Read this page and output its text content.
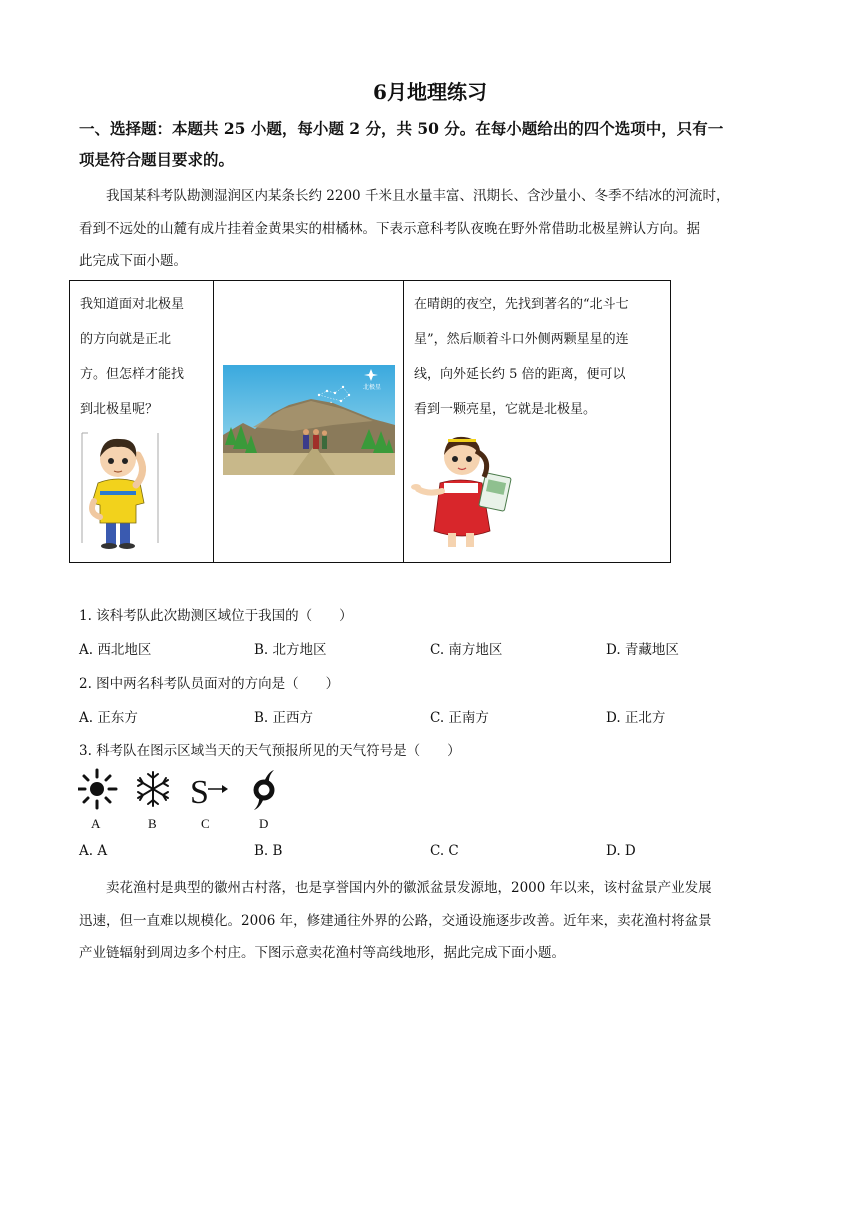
6月地理练习
一、选择题：本题共 25 小题，每小题 2 分，共 50 分。在每小题给出的四个选项中，只有一
项是符合题目要求的。
我国某科考队勘测湿润区内某条长约 2200 千米且水量丰富、汛期长、含沙量小、冬季不结冰的河流时，
看到不远处的山麓有成片挂着金黄果实的柑橘林。下表示意科考队夜晚在野外常借助北极星辨认方向。据
此完成下面小题。
我知道面对北极星
的方向就是正北
方。但怎样才能找
到北极星呢？

北极星

在晴朗的夜空，先找到著名的“北斗七
星”，然后顺着斗口外侧两颗星星的连
线，向外延长约 5 倍的距离，便可以
看到一颗亮星，它就是北极星。
1. 该科考队此次勘测区域位于我国的（　　）
A. 西北地区	B. 北方地区	C. 南方地区	D. 青藏地区
2. 图中两名科考队员面对的方向是（　　）
A. 正东方	B. 正西方	C. 正南方	D. 正北方
3. 科考队在图示区域当天的天气预报所见的天气符号是（　　）
S
A	B	C	D
A. A	B. B	C. C	D. D
卖花渔村是典型的徽州古村落，也是享誉国内外的徽派盆景发源地，2000 年以来，该村盆景产业发展
迅速，但一直难以规模化。2006 年，修建通往外界的公路，交通设施逐步改善。近年来，卖花渔村将盆景
产业链辐射到周边多个村庄。下图示意卖花渔村等高线地形，据此完成下面小题。
